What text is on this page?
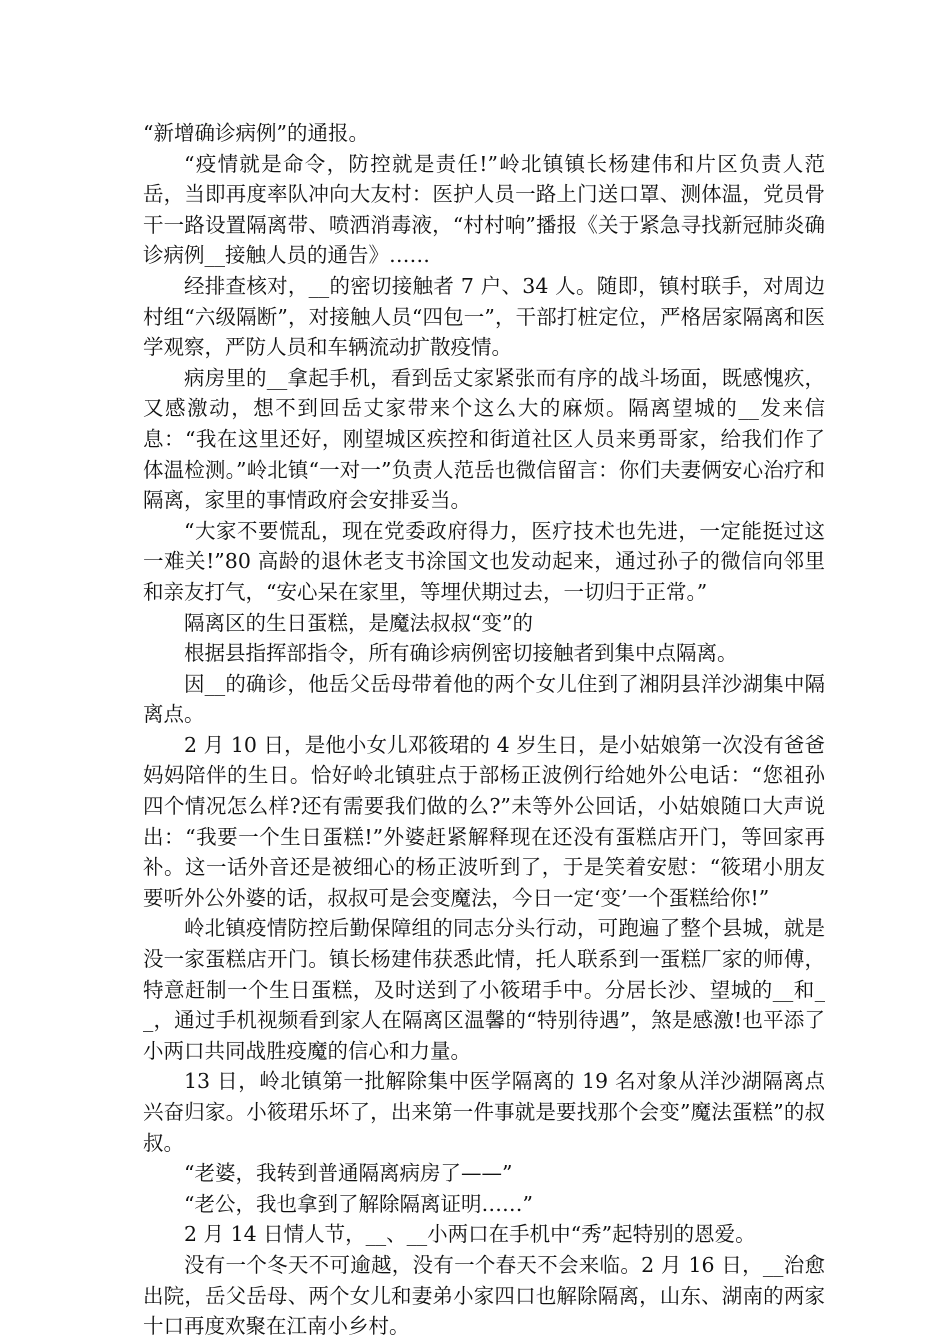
“新增确诊病例”的通报。

“疫情就是命令，防控就是责任!”岭北镇镇长杨建伟和片区负责人范岳，当即再度率队冲向大友村：医护人员一路上门送口罩、测体温，党员骨干一路设置隔离带、喷洒消毒液，“村村响”播报《关于紧急寻找新冠肺炎确诊病例__接触人员的通告》……

经排查核对，__的密切接触者 7 户、34 人。随即，镇村联手，对周边村组“六级隔断”，对接触人员“四包一”，干部打桩定位，严格居家隔离和医学观察，严防人员和车辆流动扩散疫情。

病房里的__拿起手机，看到岳丈家紧张而有序的战斗场面，既感愧疚，又感激动，想不到回岳丈家带来个这么大的麻烦。隔离望城的__发来信息：“我在这里还好，刚望城区疾控和街道社区人员来勇哥家，给我们作了体温检测。”岭北镇“一对一”负责人范岳也微信留言：你们夫妻俩安心治疗和隔离，家里的事情政府会安排妥当。

“大家不要慌乱，现在党委政府得力，医疗技术也先进，一定能挺过这一难关!”80 高龄的退休老支书涂国文也发动起来，通过孙子的微信向邻里和亲友打气，“安心呆在家里，等埋伏期过去，一切归于正常。”

隔离区的生日蛋糕，是魔法叔叔“变”的

根据县指挥部指令，所有确诊病例密切接触者到集中点隔离。

因__的确诊，他岳父岳母带着他的两个女儿住到了湘阴县洋沙湖集中隔离点。

2 月 10 日，是他小女儿邓筱珺的 4 岁生日，是小姑娘第一次没有爸爸妈妈陪伴的生日。恰好岭北镇驻点于部杨正波例行给她外公电话：“您祖孙四个情况怎么样?还有需要我们做的么?”未等外公回话，小姑娘随口大声说出：“我要一个生日蛋糕!”外婆赶紧解释现在还没有蛋糕店开门，等回家再补。这一话外音还是被细心的杨正波听到了，于是笑着安慰：“筱珺小朋友要听外公外婆的话，叔叔可是会变魔法，今日一定‘变’一个蛋糕给你!”

岭北镇疫情防控后勤保障组的同志分头行动，可跑遍了整个县城，就是没一家蛋糕店开门。镇长杨建伟获悉此情，托人联系到一蛋糕厂家的师傅，特意赶制一个生日蛋糕，及时送到了小筱珺手中。分居长沙、望城的__和__，通过手机视频看到家人在隔离区温馨的“特别待遇”，煞是感激!也平添了小两口共同战胜疫魔的信心和力量。

13 日，岭北镇第一批解除集中医学隔离的 19 名对象从洋沙湖隔离点兴奋归家。小筱珺乐坏了，出来第一件事就是要找那个会变”魔法蛋糕”的叔叔。

“老婆，我转到普通隔离病房了——”

“老公，我也拿到了解除隔离证明……”

2 月 14 日情人节，__、__小两口在手机中“秀”起特别的恩爱。

没有一个冬天不可逾越，没有一个春天不会来临。2 月 16 日，__治愈出院，岳父岳母、两个女儿和妻弟小家四口也解除隔离，山东、湖南的两家十口再度欢聚在江南小乡村。
